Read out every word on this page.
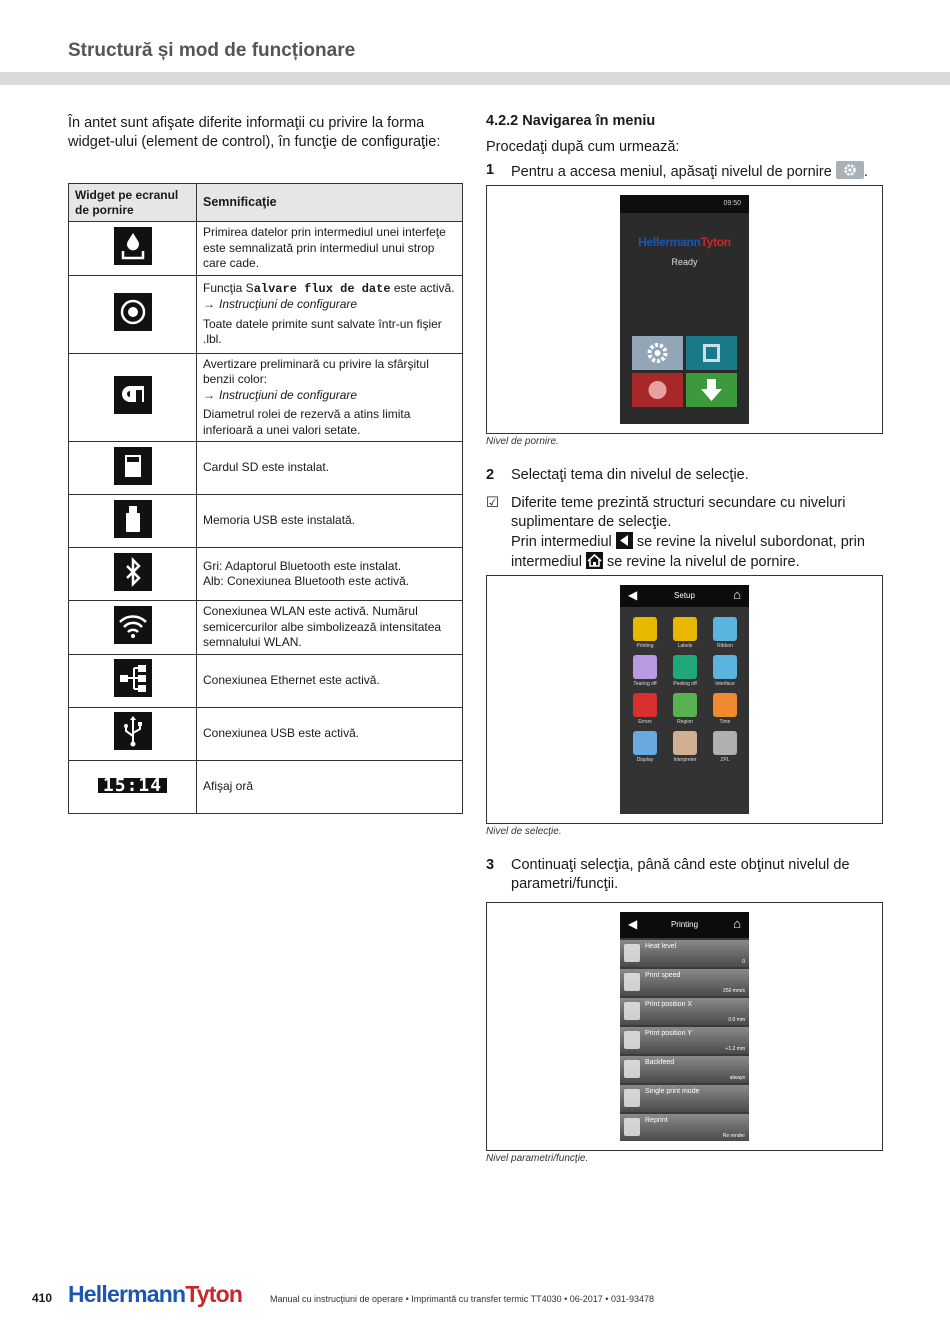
Structură și mod de funcționare
În antet sunt afişate diferite informaţii cu privire la forma widget-ului (element de control), în funcţie de configuraţie:
Widget pe ecranul de pornire	Semnificaţie
	Primirea datelor prin intermediul unei interfeţe este semnalizată prin intermediul unui strop care cade.
	Funcţia Salvare flux de date este activă.
→ Instrucţiuni de configurare
Toate datele primite sunt salvate într-un fişier .lbl.

Avertizare preliminară cu privire la sfârşitul benzii color:
→ Instrucţiuni de configurare
Diametrul rolei de rezervă a atins limita inferioară a unei valori setate.

	Cardul SD este instalat.
	Memoria USB este instalată.

Gri: Adaptorul Bluetooth este instalat.
Alb: Conexiunea Bluetooth este activă.

	Conexiunea WLAN este activă. Numărul semicercurilor albe simbolizează intensitatea semnalului WLAN.
	Conexiunea Ethernet este activă.
	Conexiunea USB este activă.
15:14	Afişaj oră
4.2.2 Navigarea în meniu
Procedaţi după cum urmează:
1 Pentru a accesa meniul, apăsaţi nivelul de pornire .
09:50
HellermannTyton
Ready
Nivel de pornire.
2 Selectaţi tema din nivelul de selecţie.
☑ Diferite teme prezintă structuri secundare cu niveluri suplimentare de selecţie.
Prin intermediul se revine la nivelul subordonat, prin
intermediul se revine la nivelul de pornire.
◀	Setup	⌂
Printing	Labels	Ribbon
Tearing off	Peeling off	Interface
Errors	Region	Time
Display	Interpreter	ZPL
Nivel de selecţie.
3 Continuaţi selecţia, până când este obţinut nivelul de parametri/funcţii.
◀	Printing	⌂
Heat level
0
Print speed
250 mm/s
Print position X
0.0 mm
Print position Y
+1.2 mm
Backfeed
always
Single print mode
Reprint
Re render
Nivel parametri/funcţie.
410 HellermannTyton	Manual cu instrucţiuni de operare • Imprimantă cu transfer termic TT4030 • 06-2017 • 031-93478
